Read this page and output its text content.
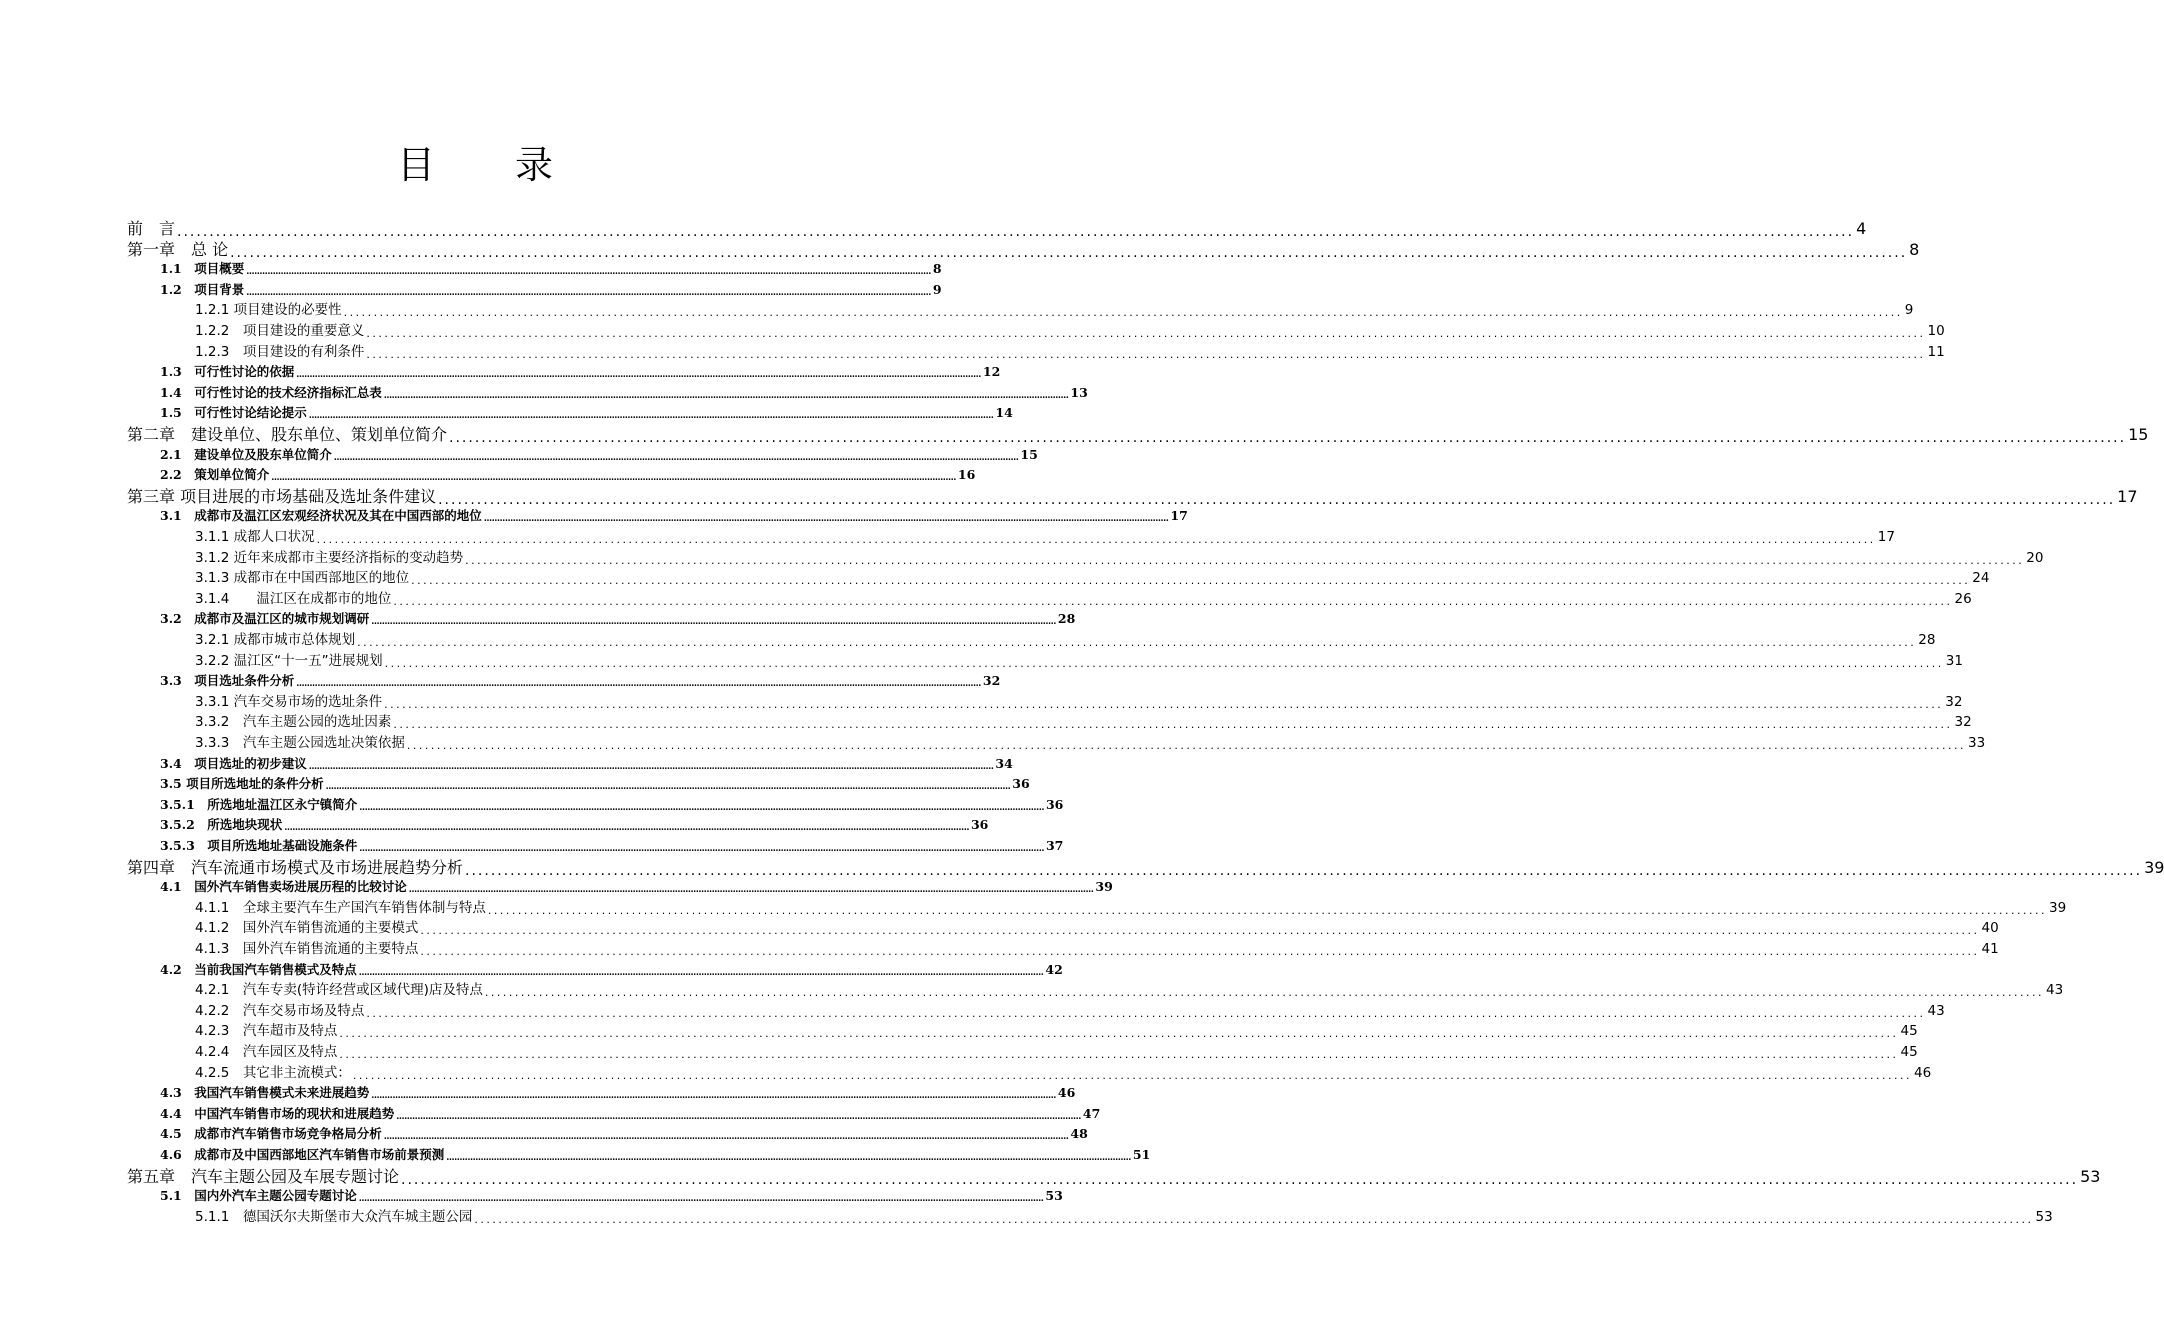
目 录
前　言 .................................................................................................................................................................................................................................................................... 4
第一章　总 论 .................................................................................................................................................................................................................................................................... 8
1.1　项目概要 .................................................................................................................................................................................................................................................................... 8
1.2　项目背景 .................................................................................................................................................................................................................................................................... 9
1.2.1 项目建设的必要性 .................................................................................................................................................................................................................................................................... 9
1.2.2　项目建设的重要意义 .................................................................................................................................................................................................................................................................... 10
1.2.3　项目建设的有利条件 .................................................................................................................................................................................................................................................................... 11
1.3　可行性讨论的依据 .................................................................................................................................................................................................................................................................... 12
1.4　可行性讨论的技术经济指标汇总表 .................................................................................................................................................................................................................................................................... 13
1.5　可行性讨论结论提示 .................................................................................................................................................................................................................................................................... 14
第二章　建设单位、股东单位、策划单位简介 .................................................................................................................................................................................................................................................................... 15
2.1　建设单位及股东单位简介 .................................................................................................................................................................................................................................................................... 15
2.2　策划单位简介 .................................................................................................................................................................................................................................................................... 16
第三章 项目进展的市场基础及选址条件建议 .................................................................................................................................................................................................................................................................... 17
3.1　成都市及温江区宏观经济状况及其在中国西部的地位 .................................................................................................................................................................................................................................................................... 17
3.1.1 成都人口状况 .................................................................................................................................................................................................................................................................... 17
3.1.2 近年来成都市主要经济指标的变动趋势 .................................................................................................................................................................................................................................................................... 20
3.1.3 成都市在中国西部地区的地位 .................................................................................................................................................................................................................................................................... 24
3.1.4　　温江区在成都市的地位 .................................................................................................................................................................................................................................................................... 26
3.2　成都市及温江区的城市规划调研 .................................................................................................................................................................................................................................................................... 28
3.2.1 成都市城市总体规划 .................................................................................................................................................................................................................................................................... 28
3.2.2 温江区“十一五”进展规划 .................................................................................................................................................................................................................................................................... 31
3.3　项目选址条件分析 .................................................................................................................................................................................................................................................................... 32
3.3.1 汽车交易市场的选址条件 .................................................................................................................................................................................................................................................................... 32
3.3.2　汽车主题公园的选址因素 .................................................................................................................................................................................................................................................................... 32
3.3.3　汽车主题公园选址决策依据 .................................................................................................................................................................................................................................................................... 33
3.4　项目选址的初步建议 .................................................................................................................................................................................................................................................................... 34
3.5 项目所选地址的条件分析 .................................................................................................................................................................................................................................................................... 36
3.5.1　所选地址温江区永宁镇简介 .................................................................................................................................................................................................................................................................... 36
3.5.2　所选地块现状 .................................................................................................................................................................................................................................................................... 36
3.5.3　项目所选地址基础设施条件 .................................................................................................................................................................................................................................................................... 37
第四章　汽车流通市场模式及市场进展趋势分析 .................................................................................................................................................................................................................................................................... 39
4.1　国外汽车销售卖场进展历程的比较讨论 .................................................................................................................................................................................................................................................................... 39
4.1.1　全球主要汽车生产国汽车销售体制与特点 .................................................................................................................................................................................................................................................................... 39
4.1.2　国外汽车销售流通的主要模式 .................................................................................................................................................................................................................................................................... 40
4.1.3　国外汽车销售流通的主要特点 .................................................................................................................................................................................................................................................................... 41
4.2　当前我国汽车销售模式及特点 .................................................................................................................................................................................................................................................................... 42
4.2.1　汽车专卖(特许经营或区域代理)店及特点 .................................................................................................................................................................................................................................................................... 43
4.2.2　汽车交易市场及特点 .................................................................................................................................................................................................................................................................... 43
4.2.3　汽车超市及特点 .................................................................................................................................................................................................................................................................... 45
4.2.4　汽车园区及特点 .................................................................................................................................................................................................................................................................... 45
4.2.5　其它非主流模式： .................................................................................................................................................................................................................................................................... 46
4.3　我国汽车销售模式未来进展趋势 .................................................................................................................................................................................................................................................................... 46
4.4　中国汽车销售市场的现状和进展趋势 .................................................................................................................................................................................................................................................................... 47
4.5　成都市汽车销售市场竞争格局分析 .................................................................................................................................................................................................................................................................... 48
4.6　成都市及中国西部地区汽车销售市场前景预测 .................................................................................................................................................................................................................................................................... 51
第五章　汽车主题公园及车展专题讨论 .................................................................................................................................................................................................................................................................... 53
5.1　国内外汽车主题公园专题讨论 .................................................................................................................................................................................................................................................................... 53
5.1.1　德国沃尔夫斯堡市大众汽车城主题公园 .................................................................................................................................................................................................................................................................... 53
